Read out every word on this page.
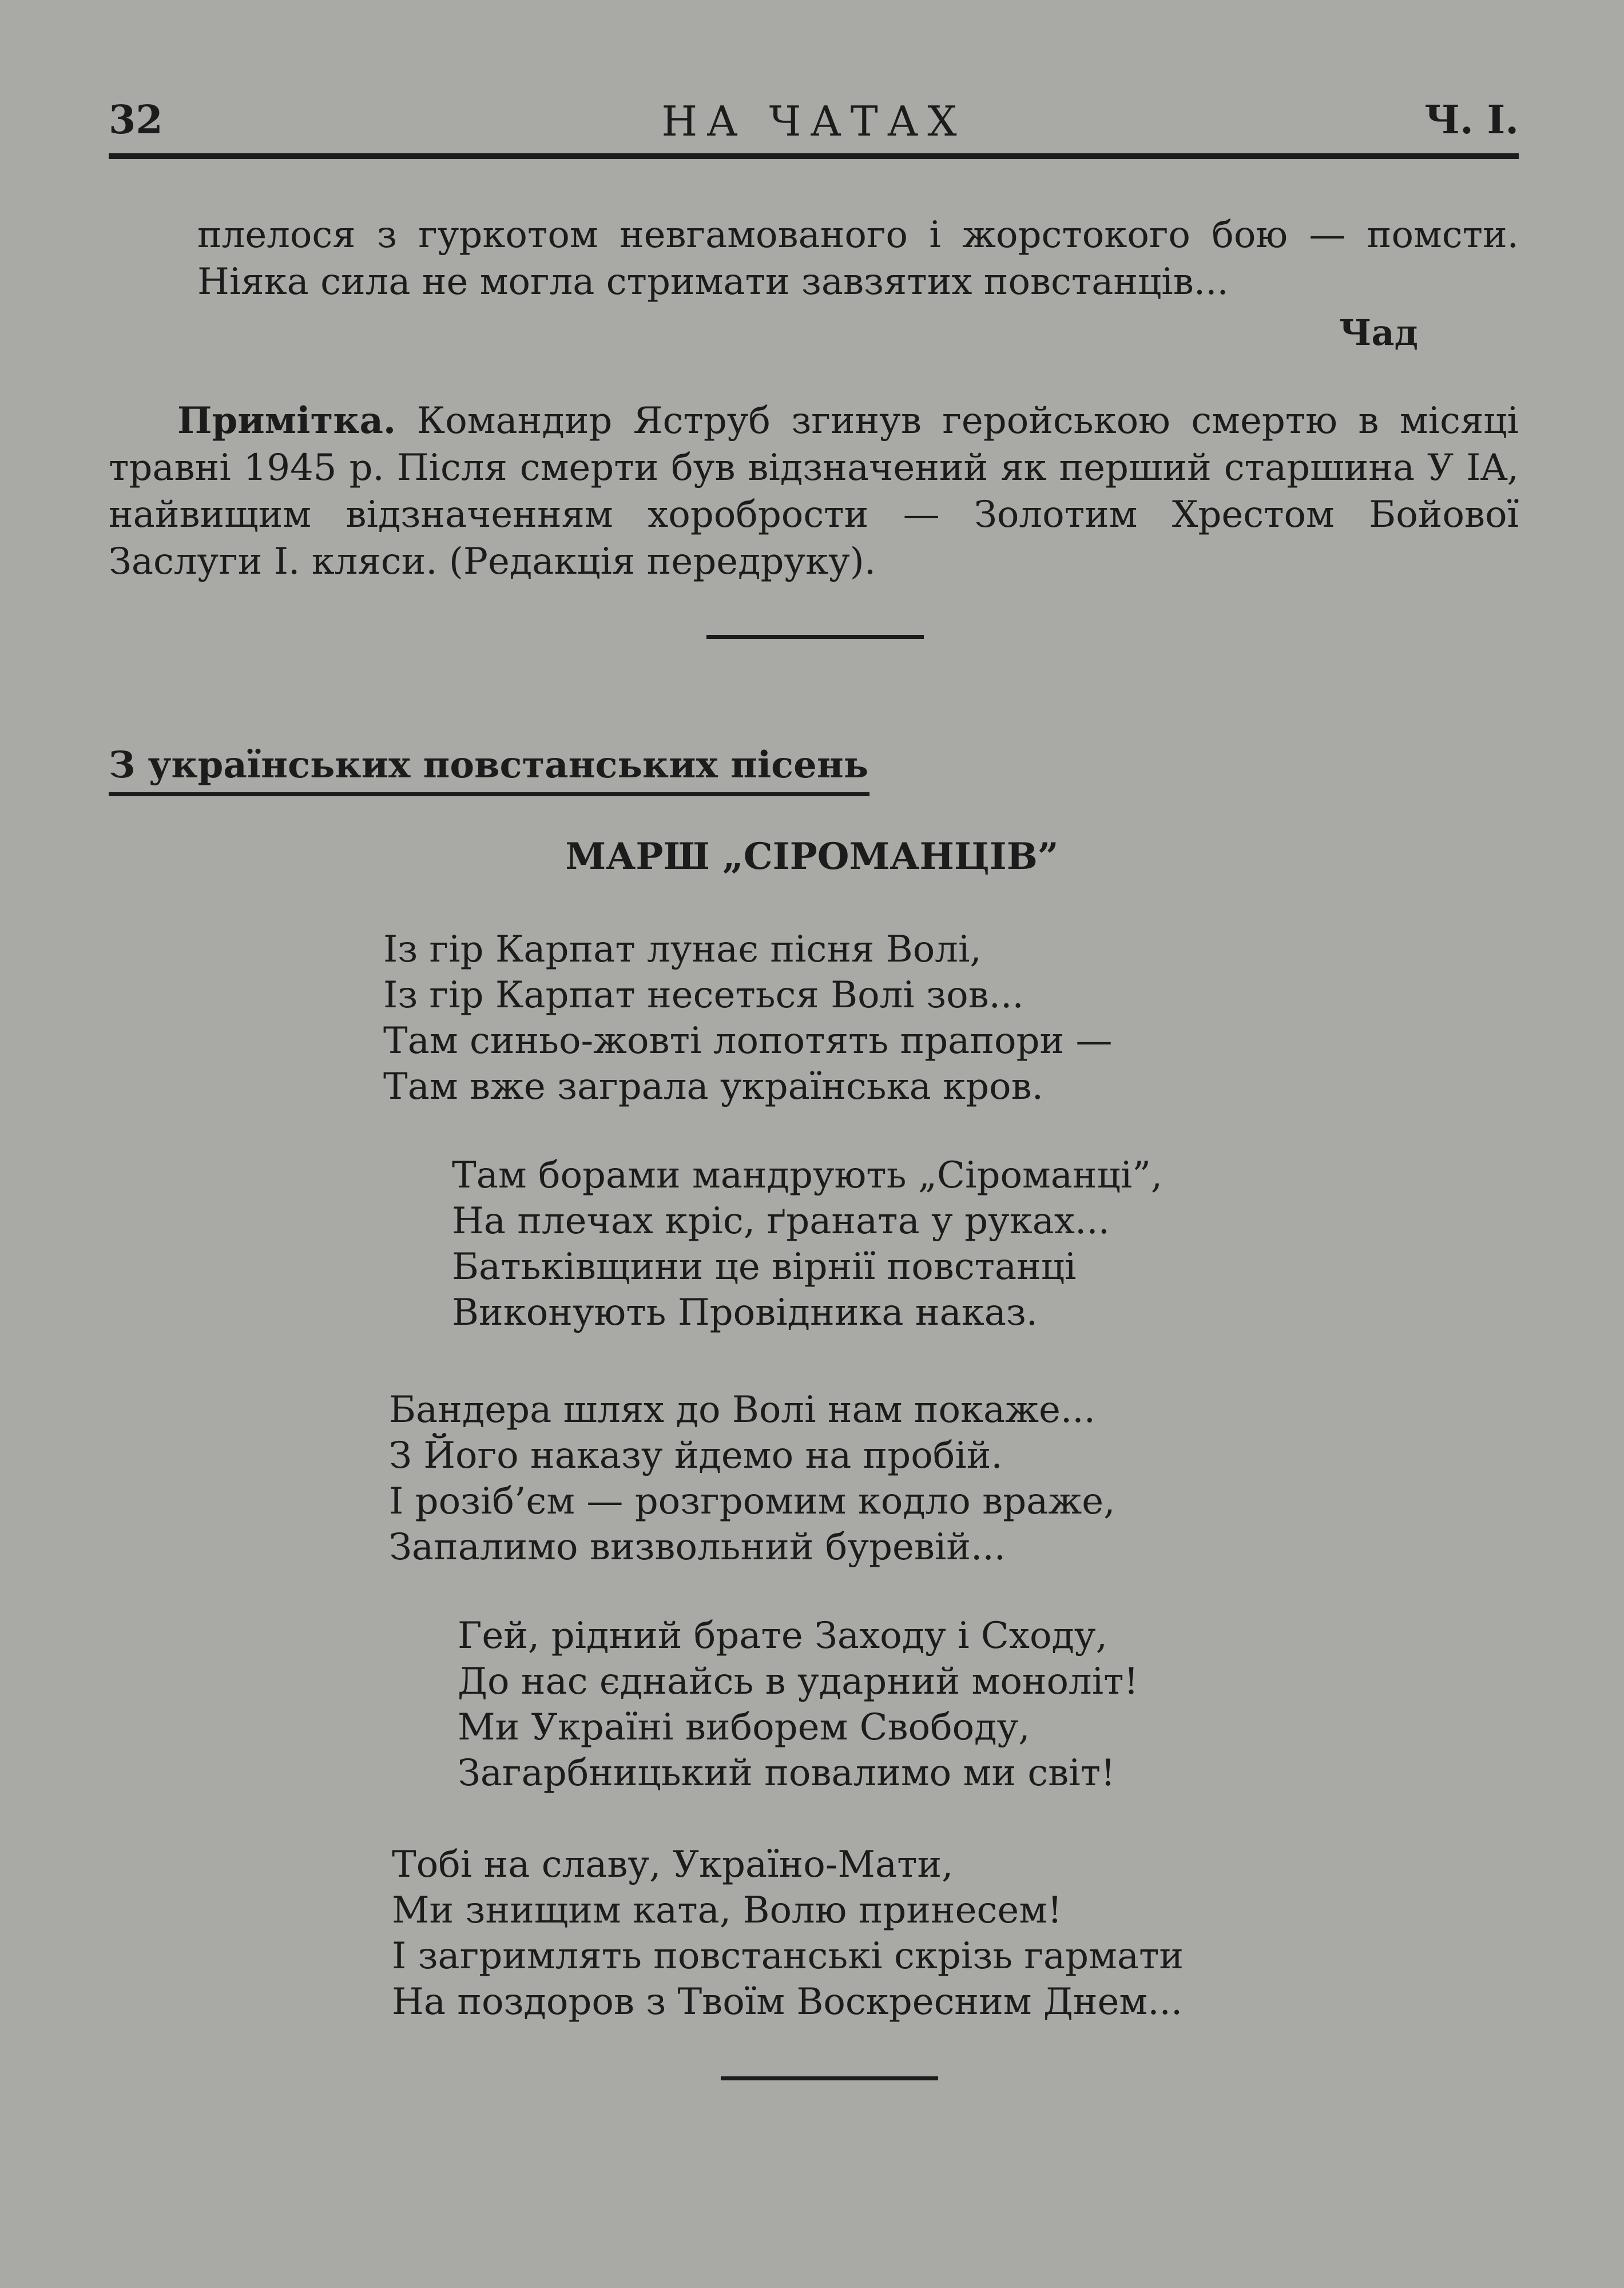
32	НА ЧАТАХ	Ч. І.

плелося з гуркотом невгамованого і жорстокого бою — помсти. Ніяка сила не могла стримати завзятих повстанців...

Чад

Примітка. Командир Яструб згинув геройською смертю в місяці травні 1945 р. Після смерти був відзначений як перший старшина У IA, найвищим відзначенням хоробрости — Золотим Хрестом Бойової Заслуги І. кляси. (Редакція передруку).

З українських повстанських пісень
МАРШ „СІРОМАНЦІВ”
Із гір Карпат лунає пісня Волі,
Із гір Карпат несеться Волі зов...
Там синьо-жовті лопотять прапори —
Там вже заграла українська кров.
Там борами мандрують „Сіроманці”,
На плечах кріс, ґраната у руках...
Батьківщини це вірнії повстанці
Виконують Провідника наказ.
Бандера шлях до Волі нам покаже...
З Його наказу йдемо на пробій.
І розіб’єм — розгромим кодло враже,
Запалимо визвольний буревій...
Гей, рідний брате Заходу і Сходу,
До нас єднайсь в ударний моноліт!
Ми Україні виборем Свободу,
Загарбницький повалимо ми світ!
Тобі на славу, Україно-Мати,
Ми знищим ката, Волю принесем!
І загримлять повстанські скрізь гармати
На поздоров з Твоїм Воскресним Днем...
